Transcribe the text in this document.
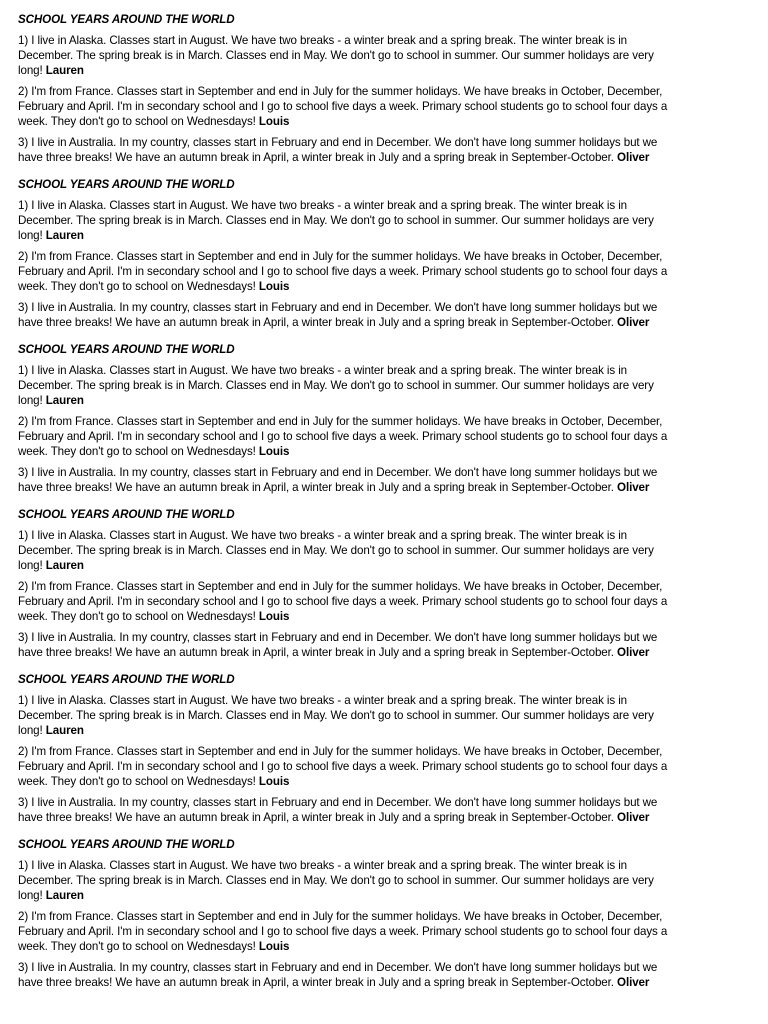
SCHOOL YEARS AROUND THE WORLD

1) I live in Alaska. Classes start in August. We have two breaks - a winter break and a spring break. The winter break is in
December. The spring break is in March. Classes end in May. We don't go to school in summer. Our summer holidays are very
long! Lauren

2) I'm from France. Classes start in September and end in July for the summer holidays. We have breaks in October, December,
February and April. I'm in secondary school and I go to school five days a week. Primary school students go to school four days a
week. They don't go to school on Wednesdays! Louis

3) I live in Australia. In my country, classes start in February and end in December. We don't have long summer holidays but we
have three breaks! We have an autumn break in April, a winter break in July and a spring break in September-October. Oliver

SCHOOL YEARS AROUND THE WORLD

1) I live in Alaska. Classes start in August. We have two breaks - a winter break and a spring break. The winter break is in
December. The spring break is in March. Classes end in May. We don't go to school in summer. Our summer holidays are very
long! Lauren

2) I'm from France. Classes start in September and end in July for the summer holidays. We have breaks in October, December,
February and April. I'm in secondary school and I go to school five days a week. Primary school students go to school four days a
week. They don't go to school on Wednesdays! Louis

3) I live in Australia. In my country, classes start in February and end in December. We don't have long summer holidays but we
have three breaks! We have an autumn break in April, a winter break in July and a spring break in September-October. Oliver

SCHOOL YEARS AROUND THE WORLD

1) I live in Alaska. Classes start in August. We have two breaks - a winter break and a spring break. The winter break is in
December. The spring break is in March. Classes end in May. We don't go to school in summer. Our summer holidays are very
long! Lauren

2) I'm from France. Classes start in September and end in July for the summer holidays. We have breaks in October, December,
February and April. I'm in secondary school and I go to school five days a week. Primary school students go to school four days a
week. They don't go to school on Wednesdays! Louis

3) I live in Australia. In my country, classes start in February and end in December. We don't have long summer holidays but we
have three breaks! We have an autumn break in April, a winter break in July and a spring break in September-October. Oliver

SCHOOL YEARS AROUND THE WORLD

1) I live in Alaska. Classes start in August. We have two breaks - a winter break and a spring break. The winter break is in
December. The spring break is in March. Classes end in May. We don't go to school in summer. Our summer holidays are very
long! Lauren

2) I'm from France. Classes start in September and end in July for the summer holidays. We have breaks in October, December,
February and April. I'm in secondary school and I go to school five days a week. Primary school students go to school four days a
week. They don't go to school on Wednesdays! Louis

3) I live in Australia. In my country, classes start in February and end in December. We don't have long summer holidays but we
have three breaks! We have an autumn break in April, a winter break in July and a spring break in September-October. Oliver

SCHOOL YEARS AROUND THE WORLD

1) I live in Alaska. Classes start in August. We have two breaks - a winter break and a spring break. The winter break is in
December. The spring break is in March. Classes end in May. We don't go to school in summer. Our summer holidays are very
long! Lauren

2) I'm from France. Classes start in September and end in July for the summer holidays. We have breaks in October, December,
February and April. I'm in secondary school and I go to school five days a week. Primary school students go to school four days a
week. They don't go to school on Wednesdays! Louis

3) I live in Australia. In my country, classes start in February and end in December. We don't have long summer holidays but we
have three breaks! We have an autumn break in April, a winter break in July and a spring break in September-October. Oliver

SCHOOL YEARS AROUND THE WORLD

1) I live in Alaska. Classes start in August. We have two breaks - a winter break and a spring break. The winter break is in
December. The spring break is in March. Classes end in May. We don't go to school in summer. Our summer holidays are very
long! Lauren

2) I'm from France. Classes start in September and end in July for the summer holidays. We have breaks in October, December,
February and April. I'm in secondary school and I go to school five days a week. Primary school students go to school four days a
week. They don't go to school on Wednesdays! Louis

3) I live in Australia. In my country, classes start in February and end in December. We don't have long summer holidays but we
have three breaks! We have an autumn break in April, a winter break in July and a spring break in September-October. Oliver
